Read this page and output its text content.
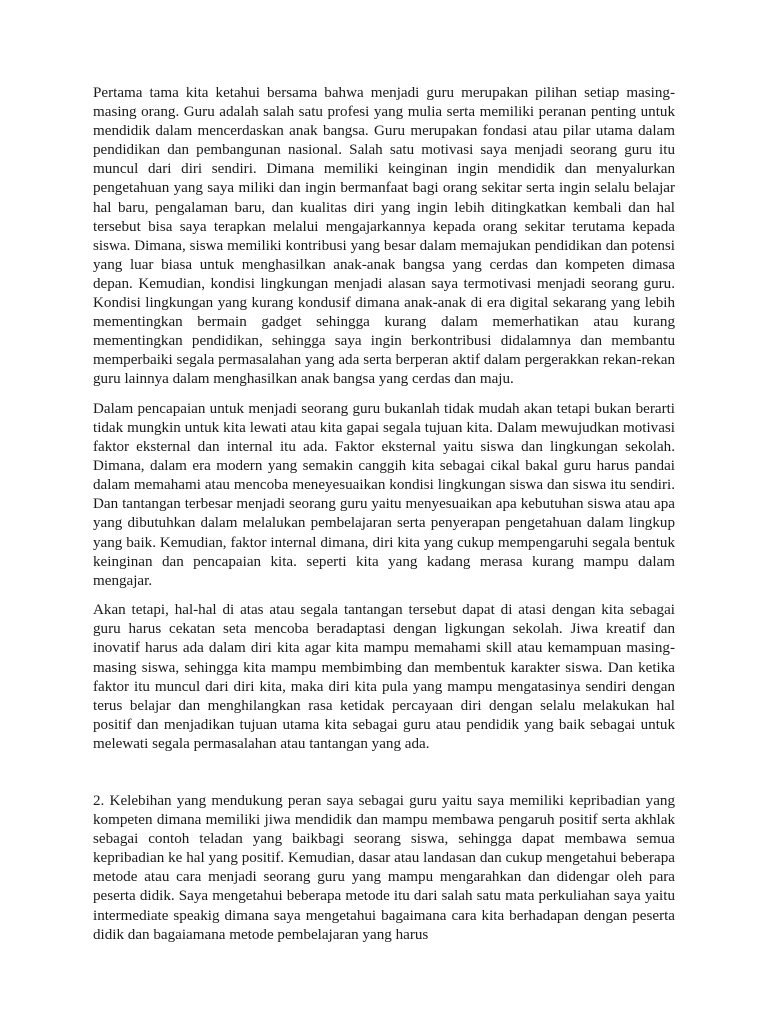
Pertama tama kita ketahui bersama bahwa menjadi guru merupakan pilihan setiap masing-masing orang. Guru adalah salah satu profesi yang mulia serta memiliki peranan penting untuk mendidik dalam mencerdaskan anak bangsa. Guru merupakan fondasi atau pilar utama dalam pendidikan dan pembangunan nasional. Salah satu motivasi saya menjadi seorang guru itu muncul dari diri sendiri. Dimana memiliki keinginan ingin mendidik dan menyalurkan pengetahuan yang saya miliki dan ingin bermanfaat bagi orang sekitar serta ingin selalu belajar hal baru, pengalaman baru, dan kualitas diri yang ingin lebih ditingkatkan kembali dan hal tersebut bisa saya terapkan melalui mengajarkannya kepada orang sekitar terutama kepada siswa. Dimana, siswa memiliki kontribusi yang besar dalam memajukan pendidikan dan potensi yang luar biasa untuk menghasilkan anak-anak bangsa yang cerdas dan kompeten dimasa depan. Kemudian, kondisi lingkungan menjadi alasan saya termotivasi menjadi seorang guru. Kondisi lingkungan yang kurang kondusif dimana anak-anak di era digital sekarang yang lebih mementingkan bermain gadget sehingga kurang dalam memerhatikan atau kurang mementingkan pendidikan, sehingga saya ingin berkontribusi didalamnya dan membantu memperbaiki segala permasalahan yang ada serta berperan aktif dalam pergerakkan rekan-rekan guru lainnya dalam menghasilkan anak bangsa yang cerdas dan maju.

Dalam pencapaian untuk menjadi seorang guru bukanlah tidak mudah akan tetapi bukan berarti tidak mungkin untuk kita lewati atau kita gapai segala tujuan kita. Dalam mewujudkan motivasi faktor eksternal dan internal itu ada. Faktor eksternal yaitu siswa dan lingkungan sekolah. Dimana, dalam era modern yang semakin canggih kita sebagai cikal bakal guru harus pandai dalam memahami atau mencoba meneyesuaikan kondisi lingkungan siswa dan siswa itu sendiri. Dan tantangan terbesar menjadi seorang guru yaitu menyesuaikan apa kebutuhan siswa atau apa yang dibutuhkan dalam melalukan pembelajaran serta penyerapan pengetahuan dalam lingkup yang baik. Kemudian, faktor internal dimana, diri kita yang cukup mempengaruhi segala bentuk keinginan dan pencapaian kita. seperti kita yang kadang merasa kurang mampu dalam mengajar.

Akan tetapi, hal-hal di atas atau segala tantangan tersebut dapat di atasi dengan kita sebagai guru harus cekatan seta mencoba beradaptasi dengan ligkungan sekolah. Jiwa kreatif dan inovatif harus ada dalam diri kita agar kita mampu memahami skill atau kemampuan masing-masing siswa, sehingga kita mampu membimbing dan membentuk karakter siswa. Dan ketika faktor itu muncul dari diri kita, maka diri kita pula yang mampu mengatasinya sendiri dengan terus belajar dan menghilangkan rasa ketidak percayaan diri dengan selalu melakukan hal positif dan menjadikan tujuan utama kita sebagai guru atau pendidik yang baik sebagai untuk melewati segala permasalahan atau tantangan yang ada.

2. Kelebihan yang mendukung peran saya sebagai guru yaitu saya memiliki kepribadian yang kompeten dimana memiliki jiwa mendidik dan mampu membawa pengaruh positif serta akhlak sebagai contoh teladan yang baikbagi seorang siswa, sehingga dapat membawa semua kepribadian ke hal yang positif. Kemudian, dasar atau landasan dan cukup mengetahui beberapa metode atau cara menjadi seorang guru yang mampu mengarahkan dan didengar oleh para peserta didik. Saya mengetahui beberapa metode itu dari salah satu mata perkuliahan saya yaitu intermediate speakig dimana saya mengetahui bagaimana cara kita berhadapan dengan peserta didik dan bagaiamana metode pembelajaran yang harus
